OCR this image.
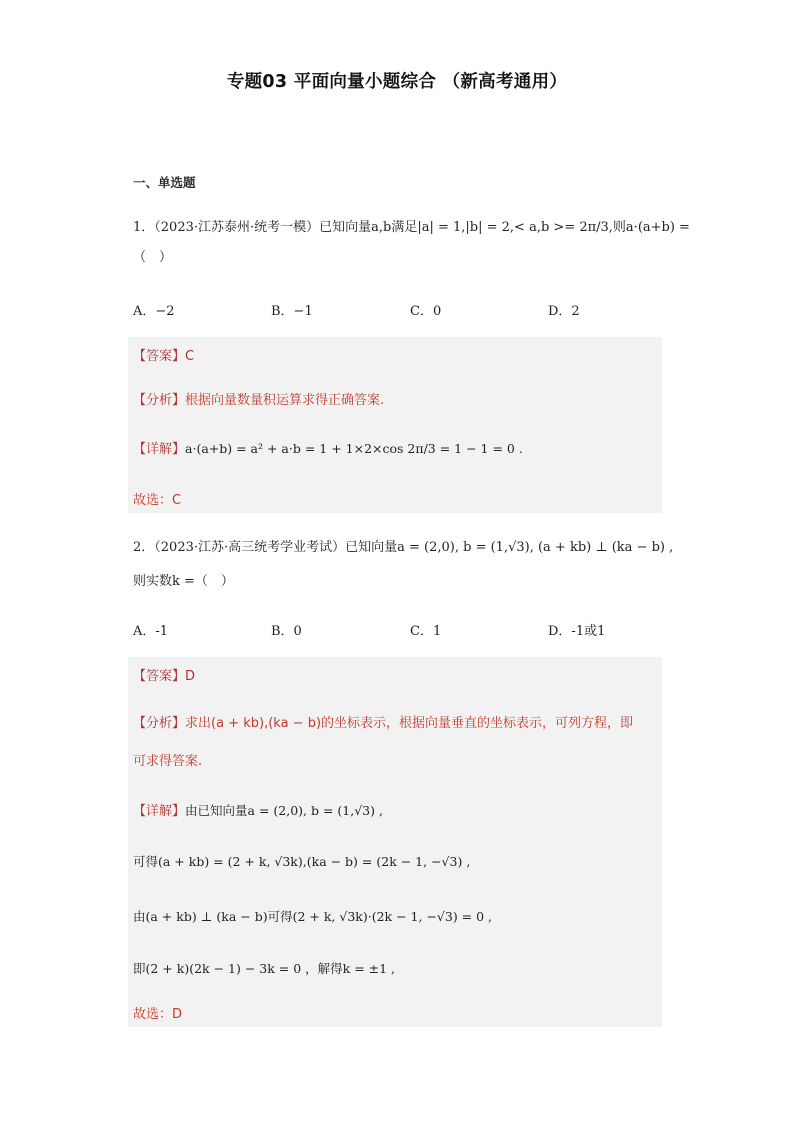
专题03 平面向量小题综合 （新高考通用）
一、单选题
1．（2023·江苏泰州·统考一模）已知向量a,b满足|a| = 1,|b| = 2,< a,b >= 2π/3,则a·(a+b) =
（　）
A．−2	B．−1	C．0	D．2
【答案】C
【分析】根据向量数量积运算求得正确答案.
【详解】a·(a+b) = a² + a·b = 1 + 1×2×cos 2π/3 = 1 − 1 = 0 .
故选：C
2．（2023·江苏·高三统考学业考试）已知向量a = (2,0), b = (1,√3), (a + kb) ⊥ (ka − b) ,
则实数k =（　）
A．-1	B．0	C．1	D．-1或1
【答案】D
【分析】求出(a + kb),(ka − b)的坐标表示，根据向量垂直的坐标表示，可列方程，即
可求得答案.
【详解】由已知向量a = (2,0), b = (1,√3) ,
可得(a + kb) = (2 + k, √3k),(ka − b) = (2k − 1, −√3) ,
由(a + kb) ⊥ (ka − b)可得(2 + k, √3k)·(2k − 1, −√3) = 0 ,
即(2 + k)(2k − 1) − 3k = 0 ，解得k = ±1 ,
故选：D
